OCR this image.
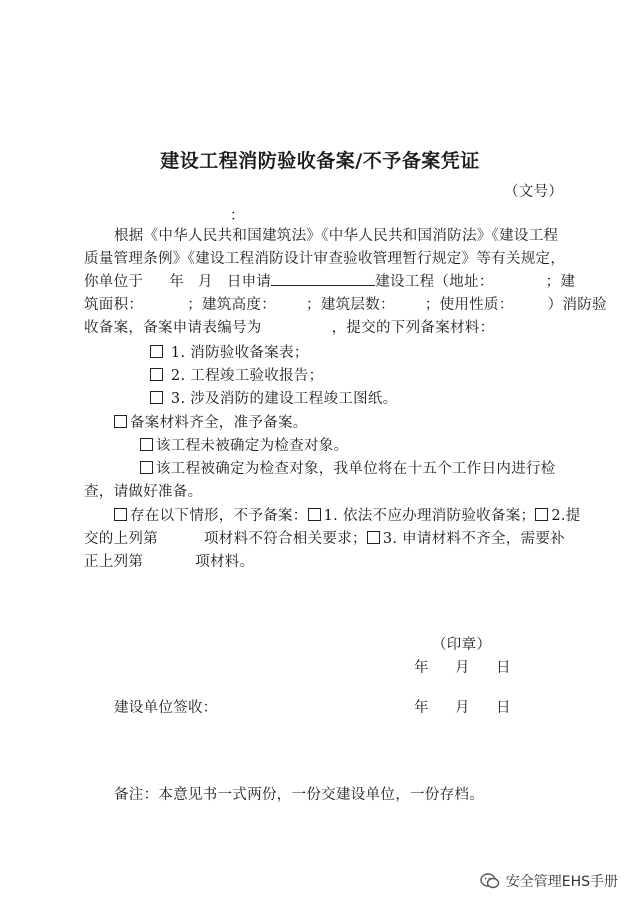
建设工程消防验收备案/不予备案凭证
（文号）
：
根据《中华人民共和国建筑法》《中华人民共和国消防法》《建设工程
质量管理条例》《建设工程消防设计审查验收管理暂行规定》等有关规定，
你单位于 年 月 日申请	建设工程（地址：	；建
筑面积：	；建筑高度： ；建筑层数： ；使用性质： ）消防验
收备案，备案申请表编号为	，提交的下列备案材料：
1. 消防验收备案表；
2. 工程竣工验收报告；
3. 涉及消防的建设工程竣工图纸。
备案材料齐全，准予备案。
该工程未被确定为检查对象。
该工程被确定为检查对象，我单位将在十五个工作日内进行检
查，请做好准备。
存在以下情形，不予备案： 1. 依法不应办理消防验收备案； 2.提
交的上列第	项材料不符合相关要求； 3. 申请材料不齐全，需要补
正上列第	项材料。
（印章）
年　月　日
建设单位签收：	年　月　日
备注：本意见书一式两份，一份交建设单位，一份存档。
安全管理EHS手册
